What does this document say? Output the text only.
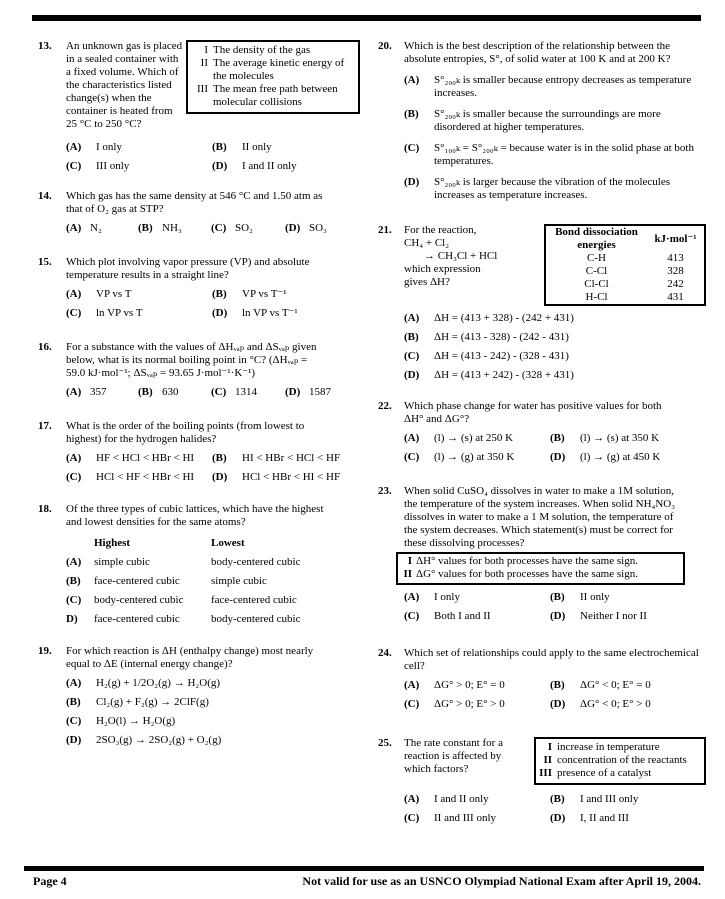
13.	An unknown gas is placed in a sealed container with a fixed volume. Which of the characteristics listed change(s) when the container is heated from 25 °C to 250 °C?
I The density of the gas
II The average kinetic energy of the molecules
III The mean free path between molecular collisions
(A)	I only	(B)	II only
(C)	III only	(D)	I and II only
14.	Which gas has the same density at 546 °C and 1.50 atm as that of O₂ gas at STP?
(A) N₂	(B) NH₃	(C) SO₂	(D) SO₃
15.	Which plot involving vapor pressure (VP) and absolute temperature results in a straight line?
(A)	VP vs T	(B)	VP vs T⁻¹
(C)	ln VP vs T	(D)	ln VP vs T⁻¹
16.	For a substance with the values of ΔHᵥₐₚ and ΔSᵥₐₚ given below, what is its normal boiling point in °C? (ΔHᵥₐₚ = 59.0 kJ·mol⁻¹; ΔSᵥₐₚ = 93.65 J·mol⁻¹·K⁻¹)
(A) 357	(B) 630	(C) 1314	(D) 1587
17.	What is the order of the boiling points (from lowest to highest) for the hydrogen halides?
(A)	HF < HCl < HBr < HI (B)	HI < HBr < HCl < HF
(C)	HCl < HF < HBr < HI (D)	HCl < HBr < HI < HF
18.	Of the three types of cubic lattices, which have the highest and lowest densities for the same atoms?
Highest	Lowest
(A)	simple cubic	body-centered cubic
(B)	face-centered cubic	simple cubic
(C)	body-centered cubic	face-centered cubic
D)	face-centered cubic	body-centered cubic
19.	For which reaction is ΔH (enthalpy change) most nearly equal to ΔE (internal energy change)?
(A)	H₂(g) + 1/2O₂(g) → H₂O(g)
(B)	Cl₂(g) + F₂(g) → 2ClF(g)
(C)	H₂O(l) → H₂O(g)
(D)	2SO₃(g) → 2SO₂(g) + O₂(g)
20.	Which is the best description of the relationship between the absolute entropies, S°, of solid water at 100 K and at 200 K?
(A)	S°₂₀₀ₖ is smaller because entropy decreases as temperature increases.
(B)	S°₂₀₀ₖ is smaller because the surroundings are more disordered at higher temperatures.
(C)	S°₁₀₀ₖ = S°₂₀₀ₖ = because water is in the solid phase at both temperatures.
(D)	S°₂₀₀ₖ is larger because the vibration of the molecules increases as temperature increases.
21.	For the reaction,
CH₄ + Cl₂
→ CH₃Cl + HCl
which expression
gives ΔH?
Bond dissociation energies	kJ·mol⁻¹
C-H	413
C-Cl	328
Cl-Cl	242
H-Cl	431
(A)	ΔH = (413 + 328) - (242 + 431)
(B)	ΔH = (413 - 328) - (242 - 431)
(C)	ΔH = (413 - 242) - (328 - 431)
(D)	ΔH = (413 + 242) - (328 + 431)
22.	Which phase change for water has positive values for both ΔH° and ΔG°?
(A)	(l) → (s) at 250 K	(B)	(l) → (s) at 350 K
(C)	(l) → (g) at 350 K	(D)	(l) → (g) at 450 K
23.	When solid CuSO₄ dissolves in water to make a 1M solution, the temperature of the system increases. When solid NH₄NO₃ dissolves in water to make a 1 M solution, the temperature of the system decreases. Which statement(s) must be correct for these dissolving processes?
I ΔH° values for both processes have the same sign.
II ΔG° values for both processes have the same sign.
(A)	I only	(B)	II only
(C)	Both I and II	(D)	Neither I nor II
24.	Which set of relationships could apply to the same electrochemical cell?
(A)	ΔG° > 0; E° = 0	(B)	ΔG° < 0; E° = 0
(C)	ΔG° > 0; E° > 0	(D)	ΔG° < 0; E° > 0
25.	The rate constant for a reaction is affected by which factors?
I increase in temperature
II concentration of the reactants
III presence of a catalyst
(A)	I and II only	(B)	I and III only
(C)	II and III only	(D)	I, II and III
Page 4	Not valid for use as an USNCO Olympiad National Exam after April 19, 2004.
